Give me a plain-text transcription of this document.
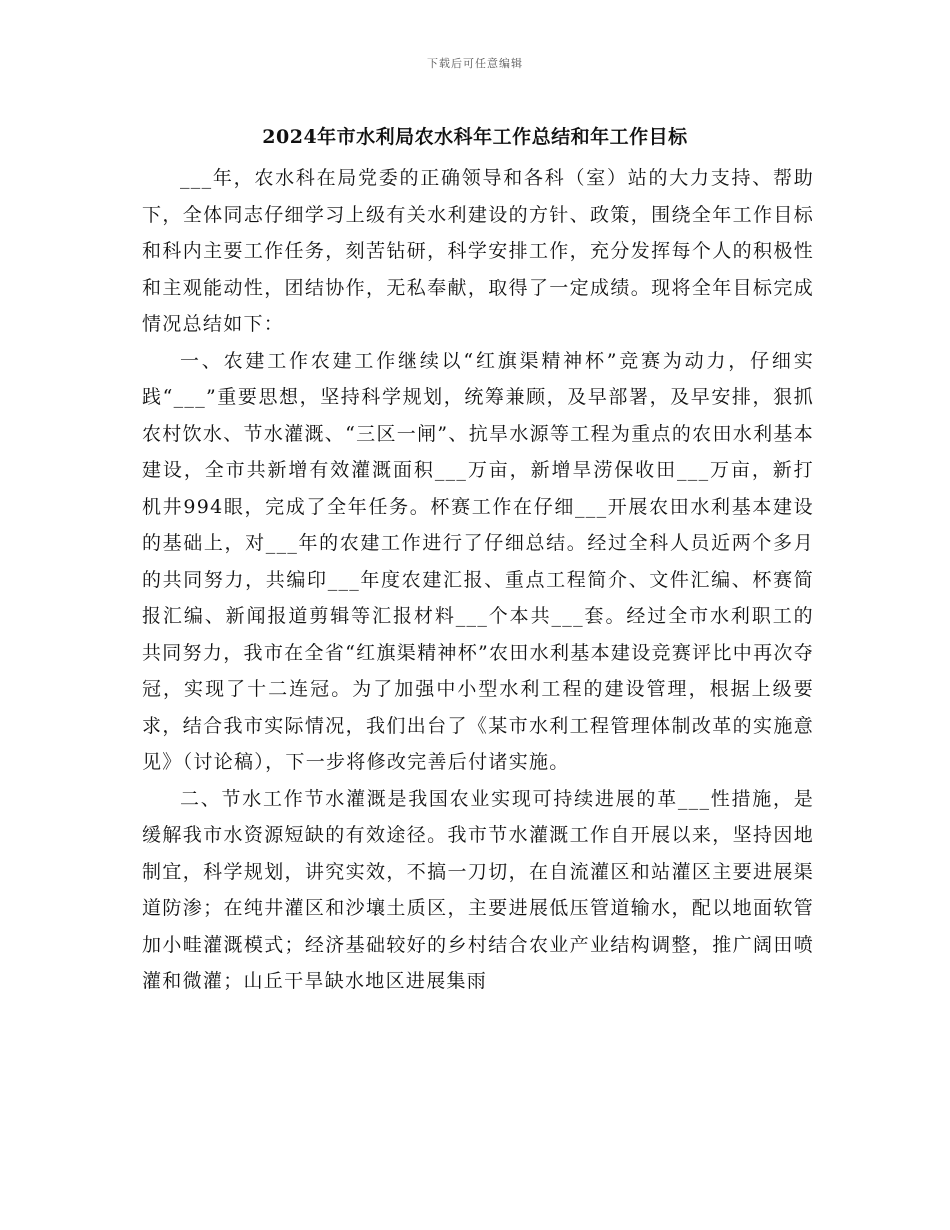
下载后可任意编辑
2024年市水利局农水科年工作总结和年工作目标

___年，农水科在局党委的正确领导和各科（室）站的大力支持、帮助下，全体同志仔细学习上级有关水利建设的方针、政策，围绕全年工作目标和科内主要工作任务，刻苦钻研，科学安排工作，充分发挥每个人的积极性和主观能动性，团结协作，无私奉献，取得了一定成绩。现将全年目标完成情况总结如下：

一、农建工作农建工作继续以“红旗渠精神杯”竞赛为动力，仔细实践“___”重要思想，坚持科学规划，统筹兼顾，及早部署，及早安排，狠抓农村饮水、节水灌溉、“三区一闸”、抗旱水源等工程为重点的农田水利基本建设，全市共新增有效灌溉面积___万亩，新增旱涝保收田___万亩，新打机井994眼，完成了全年任务。杯赛工作在仔细___开展农田水利基本建设的基础上，对___年的农建工作进行了仔细总结。经过全科人员近两个多月的共同努力，共编印___年度农建汇报、重点工程简介、文件汇编、杯赛简报汇编、新闻报道剪辑等汇报材料___个本共___套。经过全市水利职工的共同努力，我市在全省“红旗渠精神杯”农田水利基本建设竞赛评比中再次夺冠，实现了十二连冠。为了加强中小型水利工程的建设管理，根据上级要求，结合我市实际情况，我们出台了《某市水利工程管理体制改革的实施意见》（讨论稿），下一步将修改完善后付诸实施。

二、节水工作节水灌溉是我国农业实现可持续进展的革___性措施，是缓解我市水资源短缺的有效途径。我市节水灌溉工作自开展以来，坚持因地制宜，科学规划，讲究实效，不搞一刀切，在自流灌区和站灌区主要进展渠道防渗；在纯井灌区和沙壤土质区，主要进展低压管道输水，配以地面软管加小畦灌溉模式；经济基础较好的乡村结合农业产业结构调整，推广阔田喷灌和微灌；山丘干旱缺水地区进展集雨
